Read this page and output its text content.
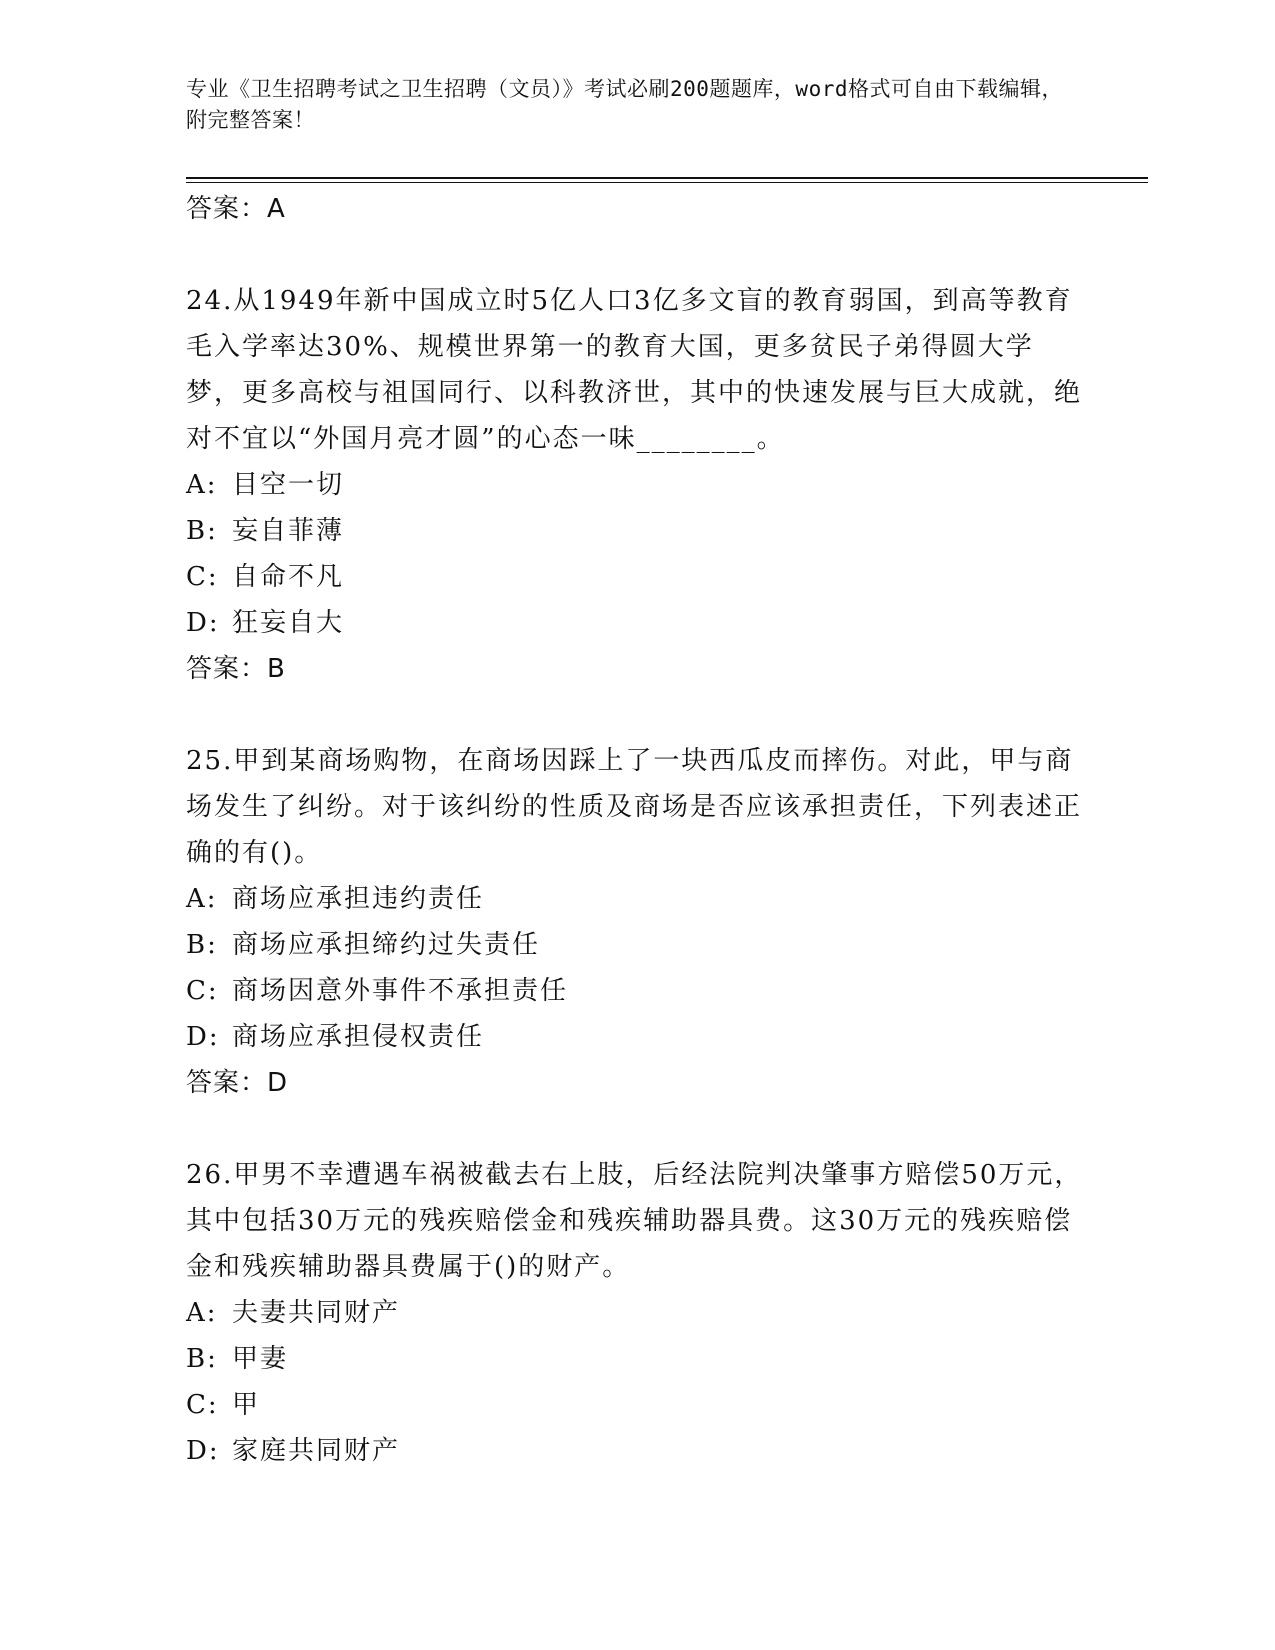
专业《卫生招聘考试之卫生招聘（文员）》考试必刷200题题库，word格式可自由下载编辑，附完整答案！

答案：A

24.从1949年新中国成立时5亿人口3亿多文盲的教育弱国，到高等教育毛入学率达30%、规模世界第一的教育大国，更多贫民子弟得圆大学梦，更多高校与祖国同行、以科教济世，其中的快速发展与巨大成就，绝对不宜以“外国月亮才圆”的心态一味________。

A: 目空一切

B: 妄自菲薄

C: 自命不凡

D: 狂妄自大

答案：B

25.甲到某商场购物，在商场因踩上了一块西瓜皮而摔伤。对此，甲与商场发生了纠纷。对于该纠纷的性质及商场是否应该承担责任，下列表述正确的有()。

A: 商场应承担违约责任

B: 商场应承担缔约过失责任

C: 商场因意外事件不承担责任

D: 商场应承担侵权责任

答案：D

26.甲男不幸遭遇车祸被截去右上肢，后经法院判决肇事方赔偿50万元，其中包括30万元的残疾赔偿金和残疾辅助器具费。这30万元的残疾赔偿金和残疾辅助器具费属于()的财产。

A: 夫妻共同财产

B: 甲妻

C: 甲

D: 家庭共同财产
